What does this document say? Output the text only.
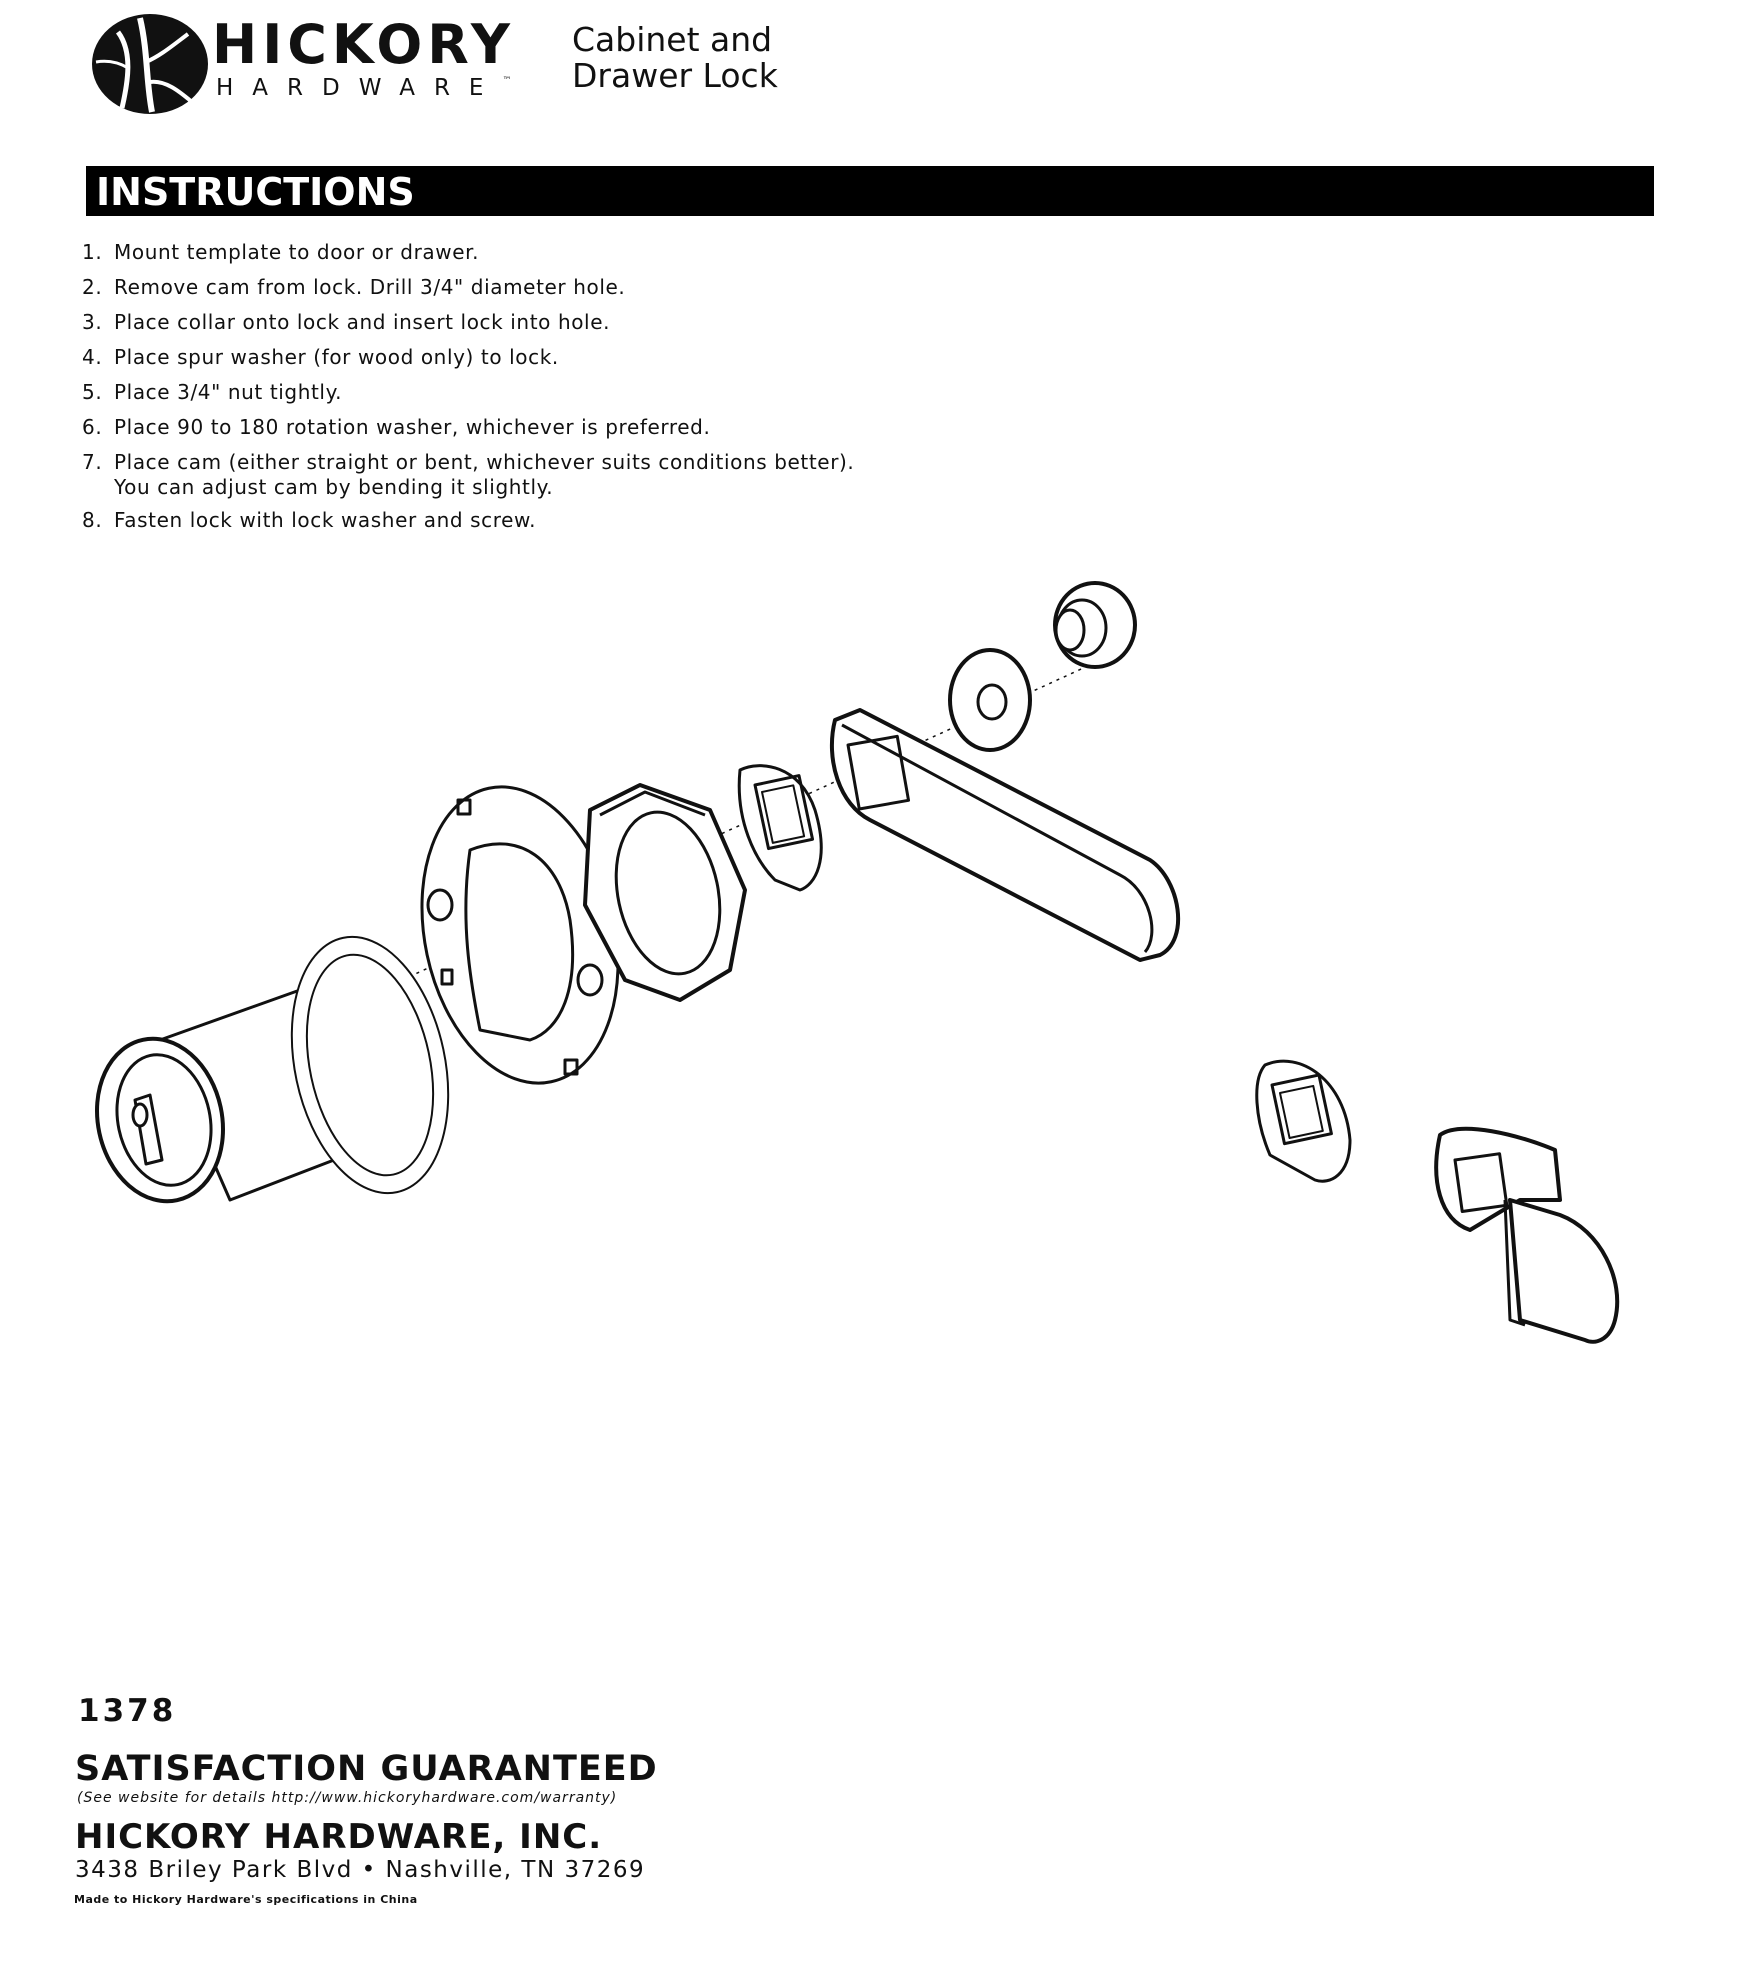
HICKORY
HARDWARE™
Cabinet and
Drawer Lock
INSTRUCTIONS
1. Mount template to door or drawer.
2. Remove cam from lock. Drill 3/4" diameter hole.
3. Place collar onto lock and insert lock into hole.
4. Place spur washer (for wood only) to lock.
5. Place 3/4" nut tightly.
6. Place 90 to 180 rotation washer, whichever is preferred.
7. Place cam (either straight or bent, whichever suits conditions better). You can adjust cam by bending it slightly.
8. Fasten lock with lock washer and screw.
1378
SATISFACTION GUARANTEED
(See website for details http://www.hickoryhardware.com/warranty)
HICKORY HARDWARE, INC.
3438 Briley Park Blvd • Nashville, TN 37269
Made to Hickory Hardware's specifications in China
